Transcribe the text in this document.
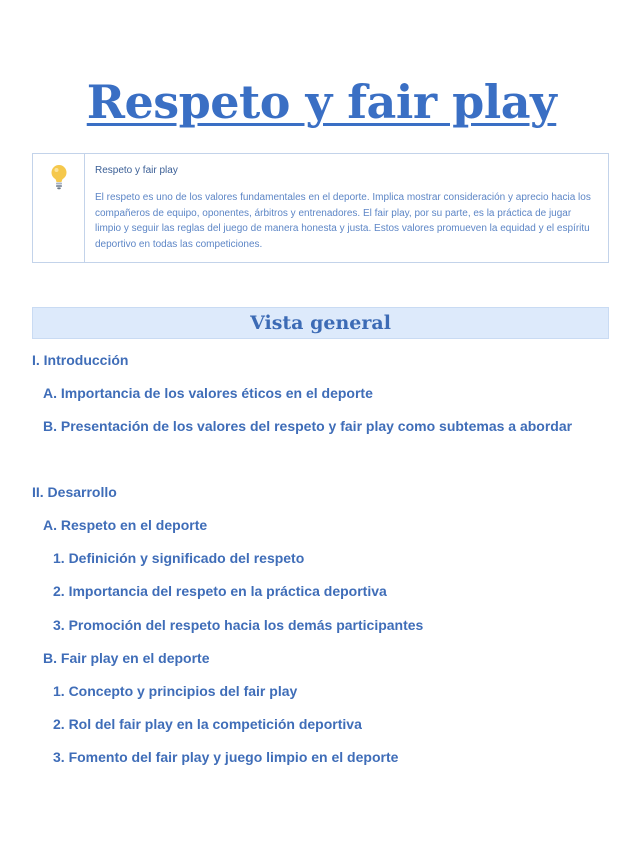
Respeto y fair play

Respeto y fair play

El respeto es uno de los valores fundamentales en el deporte. Implica mostrar consideración y aprecio hacia los compañeros de equipo, oponentes, árbitros y entrenadores. El fair play, por su parte, es la práctica de jugar limpio y seguir las reglas del juego de manera honesta y justa. Estos valores promueven la equidad y el espíritu deportivo en todas las competiciones.

Vista general
I. Introducción
A. Importancia de los valores éticos en el deporte
B. Presentación de los valores del respeto y fair play como subtemas a abordar
II. Desarrollo
A. Respeto en el deporte
1. Definición y significado del respeto
2. Importancia del respeto en la práctica deportiva
3. Promoción del respeto hacia los demás participantes
B. Fair play en el deporte
1. Concepto y principios del fair play
2. Rol del fair play en la competición deportiva
3. Fomento del fair play y juego limpio en el deporte
